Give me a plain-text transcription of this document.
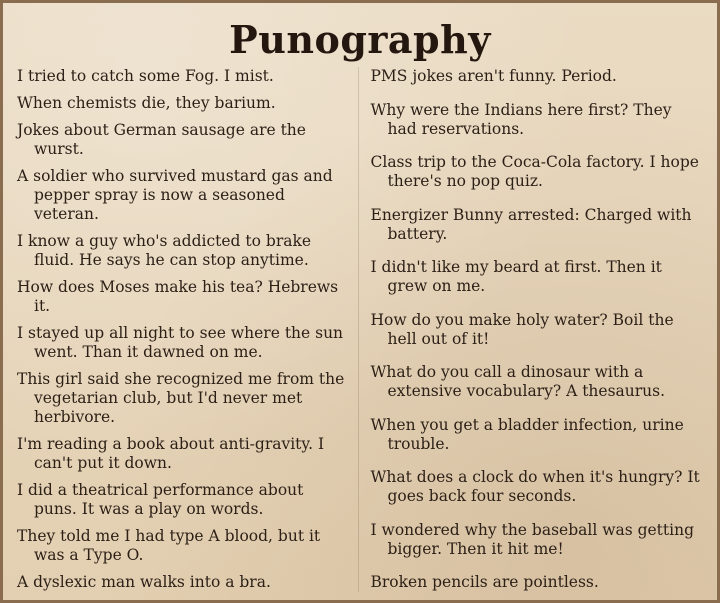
Punography

I tried to catch some Fog. I mist.

When chemists die, they barium.

Jokes about German sausage are the wurst.

A soldier who survived mustard gas and pepper spray is now a seasoned veteran.

I know a guy who's addicted to brake fluid. He says he can stop anytime.

How does Moses make his tea? Hebrews it.

I stayed up all night to see where the sun went. Than it dawned on me.

This girl said she recognized me from the vegetarian club, but I'd never met herbivore.

I'm reading a book about anti-gravity. I can't put it down.

I did a theatrical performance about puns. It was a play on words.

They told me I had type A blood, but it was a Type O.

A dyslexic man walks into a bra.

PMS jokes aren't funny. Period.

Why were the Indians here first? They had reservations.

Class trip to the Coca-Cola factory. I hope there's no pop quiz.

Energizer Bunny arrested: Charged with battery.

I didn't like my beard at first. Then it grew on me.

How do you make holy water? Boil the hell out of it!

What do you call a dinosaur with a extensive vocabulary? A thesaurus.

When you get a bladder infection, urine trouble.

What does a clock do when it's hungry? It goes back four seconds.

I wondered why the baseball was getting bigger. Then it hit me!

Broken pencils are pointless.
